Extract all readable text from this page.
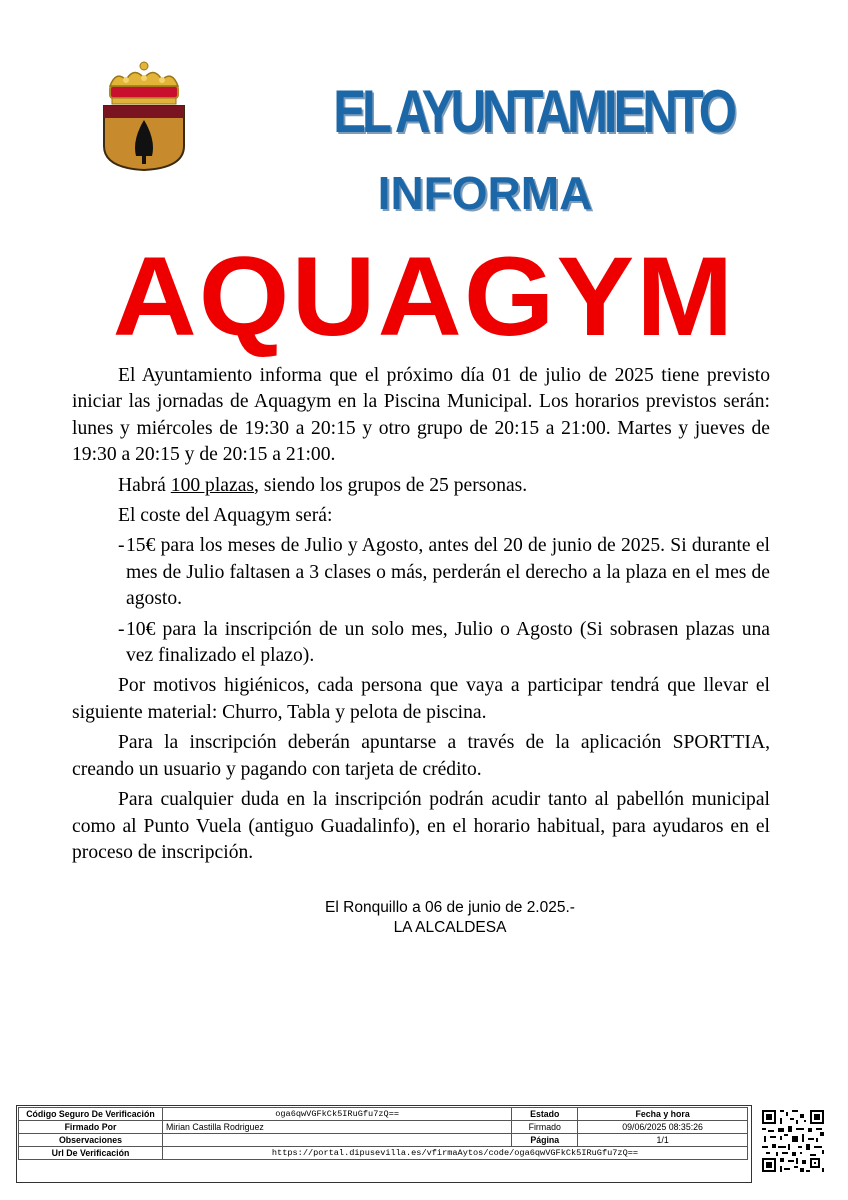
EL AYUNTAMIENTO
INFORMA
AQUAGYM

El Ayuntamiento informa que el próximo día 01 de julio de 2025 tiene previsto iniciar las jornadas de Aquagym en la Piscina Municipal. Los horarios previstos serán: lunes y miércoles de 19:30 a 20:15 y otro grupo de 20:15 a 21:00. Martes y jueves de 19:30 a 20:15 y de 20:15 a 21:00.

Habrá 100 plazas, siendo los grupos de 25 personas.

El coste del Aquagym será:

- 15€ para los meses de Julio y Agosto, antes del 20 de junio de 2025. Si durante el mes de Julio faltasen a 3 clases o más, perderán el derecho a la plaza en el mes de agosto.
- 10€ para la inscripción de un solo mes, Julio o Agosto (Si sobrasen plazas una vez finalizado el plazo).

Por motivos higiénicos, cada persona que vaya a participar tendrá que llevar el siguiente material: Churro, Tabla y pelota de piscina.

Para la inscripción deberán apuntarse a través de la aplicación SPORTTIA, creando un usuario y pagando con tarjeta de crédito.

Para cualquier duda en la inscripción podrán acudir tanto al pabellón municipal como al Punto Vuela (antiguo Guadalinfo), en el horario habitual, para ayudaros en el proceso de inscripción.

El Ronquillo a 06 de junio de 2.025.-
LA ALCALDESA
Código Seguro De Verificación	oga6qwVGFkCk5IRuGfu7zQ==	Estado	Fecha y hora
Firmado Por	Mirian Castilla Rodriguez	Firmado	09/06/2025 08:35:26
Observaciones		Página	1/1
Url De Verificación	https://portal.dipusevilla.es/vfirmaAytos/code/oga6qwVGFkCk5IRuGfu7zQ==		
